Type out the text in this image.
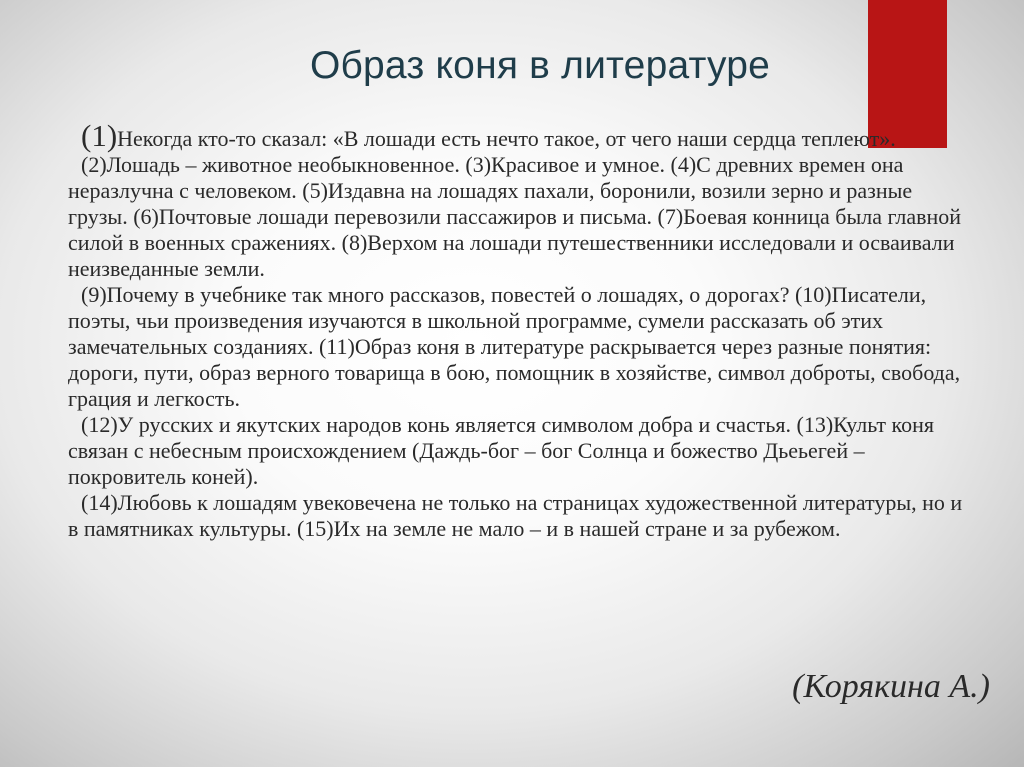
Образ коня в литературе
(1)Некогда кто-то сказал: «В лошади есть нечто такое, от чего наши сердца теплеют».
(2)Лошадь – животное необыкновенное. (3)Красивое и умное. (4)С древних времен она неразлучна с человеком. (5)Издавна на лошадях пахали, боронили, возили зерно и разные грузы. (6)Почтовые лошади перевозили пассажиров и письма. (7)Боевая конница была главной силой в военных сражениях. (8)Верхом на лошади путешественники исследовали и осваивали неизведанные земли.
(9)Почему в учебнике так много рассказов, повестей о лошадях, о дорогах? (10)Писатели, поэты, чьи произведения изучаются в школьной программе, сумели рассказать об этих замечательных созданиях. (11)Образ коня в литературе раскрывается через разные понятия: дороги, пути, образ верного товарища в бою, помощник в хозяйстве, символ доброты, свобода, грация и легкость.
(12)У русских и якутских народов конь является символом добра и счастья. (13)Культ коня связан с небесным происхождением (Даждь-бог – бог Солнца и божество Дьеьегей – покровитель коней).
(14)Любовь к лошадям увековечена не только на страницах художественной литературы, но и в памятниках культуры. (15)Их на земле не мало – и в нашей стране и за рубежом.
(Корякина А.)
